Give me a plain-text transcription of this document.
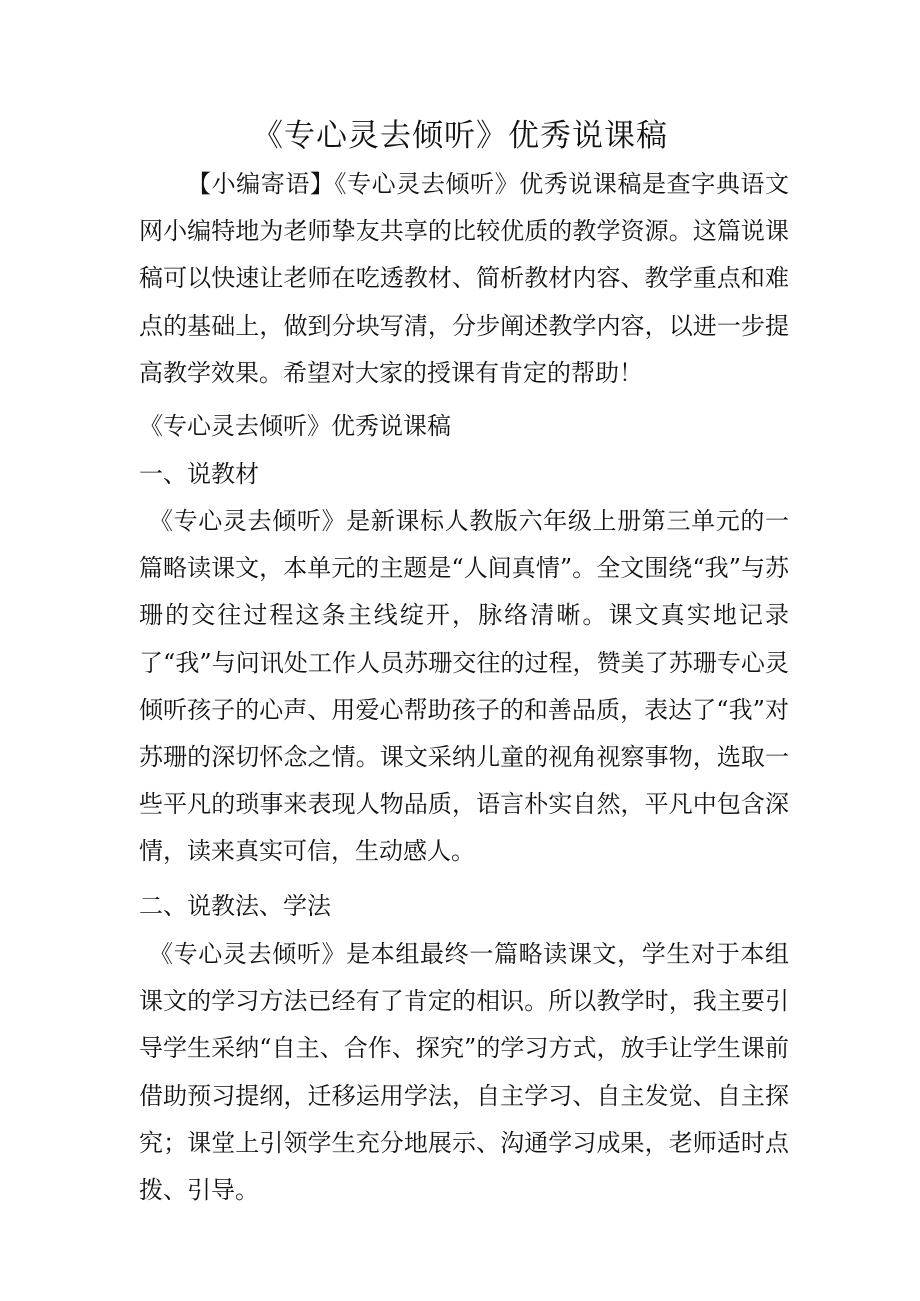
《专心灵去倾听》优秀说课稿

【小编寄语】《专心灵去倾听》优秀说课稿是查字典语文网小编特地为老师挚友共享的比较优质的教学资源。这篇说课稿可以快速让老师在吃透教材、简析教材内容、教学重点和难点的基础上，做到分块写清，分步阐述教学内容，以进一步提高教学效果。希望对大家的授课有肯定的帮助！

《专心灵去倾听》优秀说课稿

一、说教材

《专心灵去倾听》是新课标人教版六年级上册第三单元的一篇略读课文，本单元的主题是“人间真情”。全文围绕“我”与苏珊的交往过程这条主线绽开，脉络清晰。课文真实地记录了“我”与问讯处工作人员苏珊交往的过程，赞美了苏珊专心灵倾听孩子的心声、用爱心帮助孩子的和善品质，表达了“我”对苏珊的深切怀念之情。课文采纳儿童的视角视察事物，选取一些平凡的琐事来表现人物品质，语言朴实自然，平凡中包含深情，读来真实可信，生动感人。

二、说教法、学法

《专心灵去倾听》是本组最终一篇略读课文，学生对于本组课文的学习方法已经有了肯定的相识。所以教学时，我主要引导学生采纳“自主、合作、探究”的学习方式，放手让学生课前借助预习提纲，迁移运用学法，自主学习、自主发觉、自主探究；课堂上引领学生充分地展示、沟通学习成果，老师适时点拨、引导。
